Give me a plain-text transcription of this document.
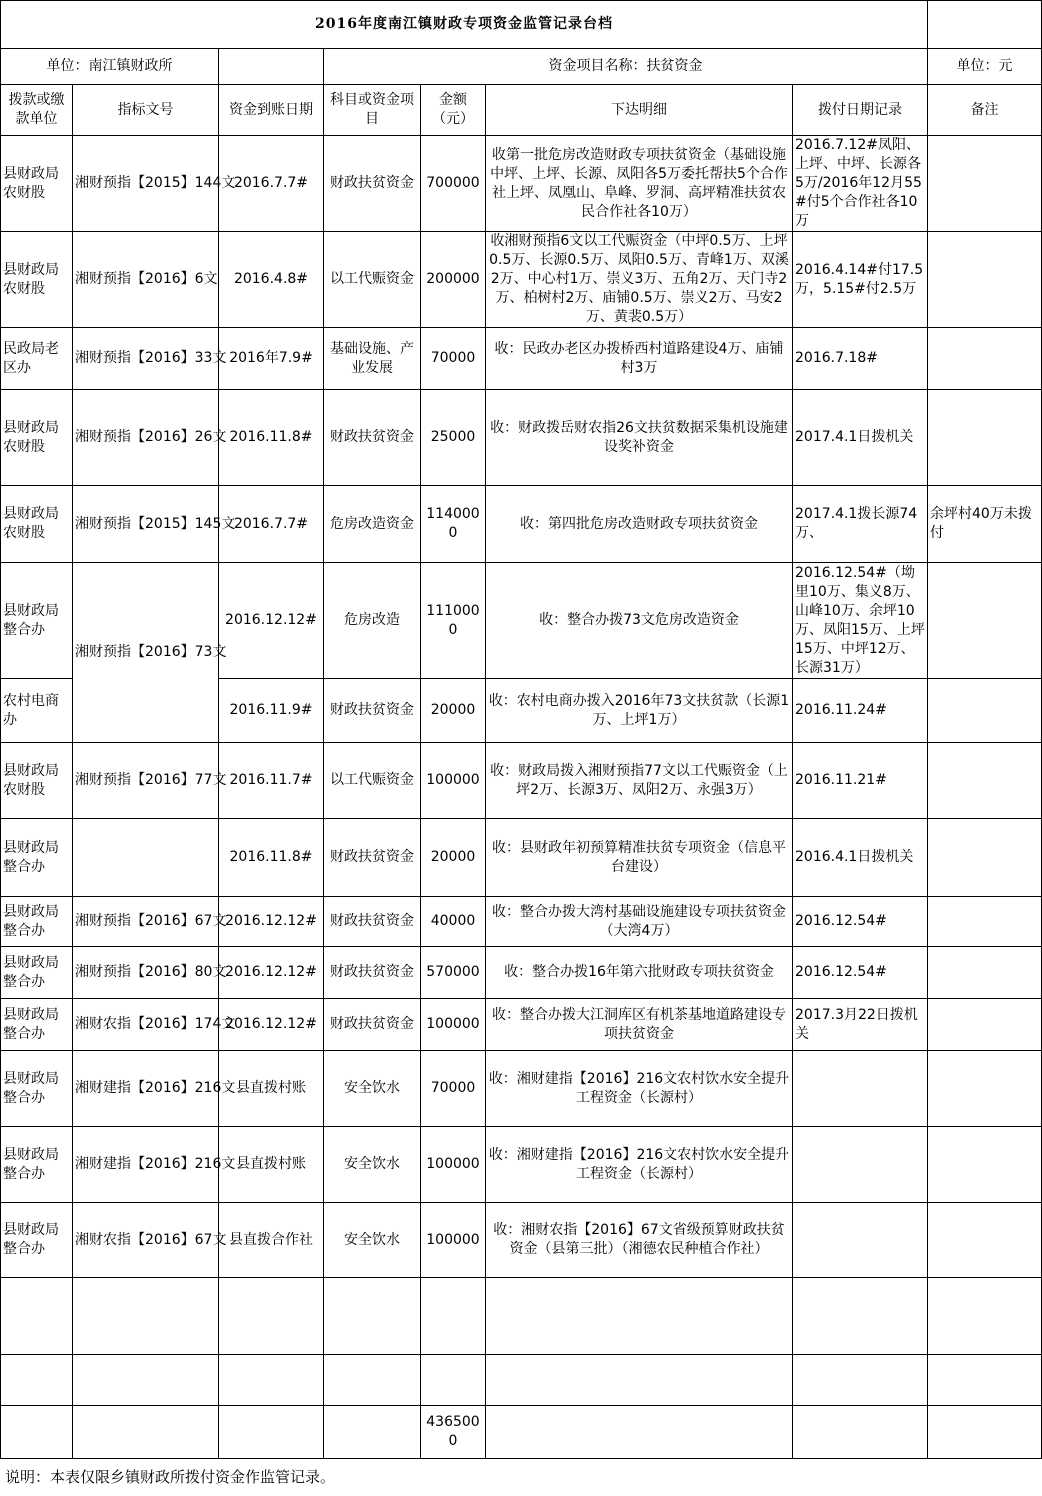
2016年度南江镇财政专项资金监管记录台档							
单位：南江镇财政所			资金项目名称：扶贫资金				单位：元
拨款或缴款单位	指标文号	资金到账日期	科目或资金项目	金额（元）	下达明细	拨付日期记录	备注
县财政局农财股	湘财预指【2015】144文	2016.7.7#	财政扶贫资金	700000	收第一批危房改造财政专项扶贫资金（基础设施中坪、上坪、长源、凤阳各5万委托帮扶5个合作社上坪、凤凰山、阜峰、罗洞、高坪精准扶贫农民合作社各10万）	2016.7.12#凤阳、上坪、中坪、长源各5万/2016年12月55#付5个合作社各10万	
县财政局农财股	湘财预指【2016】6文	2016.4.8#	以工代赈资金	200000	收湘财预指6文以工代赈资金（中坪0.5万、上坪0.5万、长源0.5万、凤阳0.5万、青峰1万、双溪2万、中心村1万、崇义3万、五角2万、天门寺2万、柏树村2万、庙铺0.5万、崇义2万、马安2万、黄裴0.5万）	2016.4.14#付17.5万，5.15#付2.5万	
民政局老区办	湘财预指【2016】33文	2016年7.9#	基础设施、产业发展	70000	收：民政办老区办拨桥西村道路建设4万、庙铺村3万	2016.7.18#	
县财政局农财股	湘财预指【2016】26文	2016.11.8#	财政扶贫资金	25000	收：财政拨岳财农指26文扶贫数据采集机设施建设奖补资金	2017.4.1日拨机关	
县财政局农财股	湘财预指【2015】145文	2016.7.7#	危房改造资金	1140000	收：第四批危房改造财政专项扶贫资金	2017.4.1拨长源74万、	余坪村40万未拨付
县财政局整合办	湘财预指【2016】73文	2016.12.12#	危房改造	1110000	收：整合办拨73文危房改造资金	2016.12.54#（坳里10万、集义8万、山峰10万、余坪10万、凤阳15万、上坪15万、中坪12万、长源31万）	
农村电商办		2016.11.9#	财政扶贫资金	20000	收：农村电商办拨入2016年73文扶贫款（长源1万、上坪1万）	2016.11.24#	
县财政局农财股	湘财预指【2016】77文	2016.11.7#	以工代赈资金	100000	收：财政局拨入湘财预指77文以工代赈资金（上坪2万、长源3万、凤阳2万、永强3万）	2016.11.21#	
县财政局整合办		2016.11.8#	财政扶贫资金	20000	收：县财政年初预算精准扶贫专项资金（信息平台建设）	2016.4.1日拨机关	
县财政局整合办	湘财预指【2016】67文	2016.12.12#	财政扶贫资金	40000	收：整合办拨大湾村基础设施建设专项扶贫资金（大湾4万）	2016.12.54#	
县财政局整合办	湘财预指【2016】80文	2016.12.12#	财政扶贫资金	570000	收：整合办拨16年第六批财政专项扶贫资金	2016.12.54#	
县财政局整合办	湘财农指【2016】174文	2016.12.12#	财政扶贫资金	100000	收：整合办拨大江洞库区有机茶基地道路建设专项扶贫资金	2017.3月22日拨机关	
县财政局整合办	湘财建指【2016】216文	县直拨村账	安全饮水	70000	收：湘财建指【2016】216文农村饮水安全提升工程资金（长源村）		
县财政局整合办	湘财建指【2016】216文	县直拨村账	安全饮水	100000	收：湘财建指【2016】216文农村饮水安全提升工程资金（长源村）		
县财政局整合办	湘财农指【2016】67文	县直拨合作社	安全饮水	100000	收：湘财农指【2016】67文省级预算财政扶贫资金（县第三批）（湘德农民种植合作社）		

				4365000			
说明：本表仅限乡镇财政所拨付资金作监管记录。
